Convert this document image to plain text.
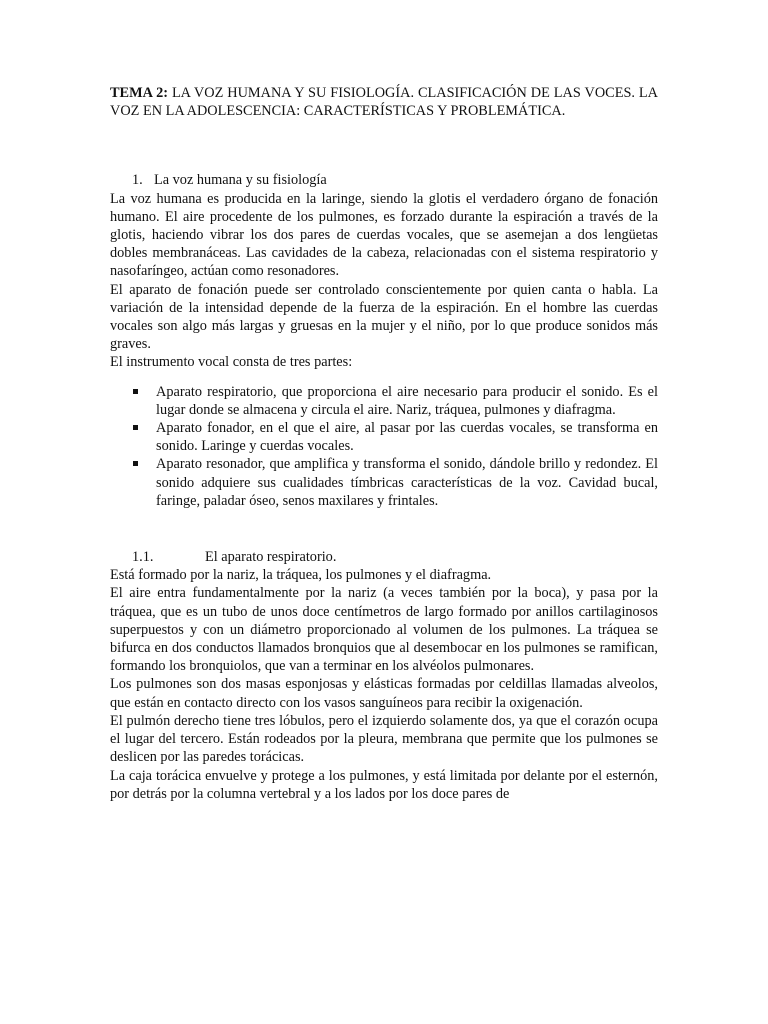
TEMA 2: LA VOZ HUMANA Y SU FISIOLOGÍA. CLASIFICACIÓN DE LAS VOCES. LA VOZ EN LA ADOLESCENCIA: CARACTERÍSTICAS Y PROBLEMÁTICA.

1. La voz humana y su fisiología

La voz humana es producida en la laringe, siendo la glotis el verdadero órgano de fonación humano. El aire procedente de los pulmones, es forzado durante la espiración a través de la glotis, haciendo vibrar los dos pares de cuerdas vocales, que se asemejan a dos lengüetas dobles membranáceas. Las cavidades de la cabeza, relacionadas con el sistema respiratorio y nasofaríngeo, actúan como resonadores.

El aparato de fonación puede ser controlado conscientemente por quien canta o habla. La variación de la intensidad depende de la fuerza de la espiración. En el hombre las cuerdas vocales son algo más largas y gruesas en la mujer y el niño, por lo que produce sonidos más graves.

El instrumento vocal consta de tres partes:

Aparato respiratorio, que proporciona el aire necesario para producir el sonido. Es el lugar donde se almacena y circula el aire. Nariz, tráquea, pulmones y diafragma.
Aparato fonador, en el que el aire, al pasar por las cuerdas vocales, se transforma en sonido. Laringe y cuerdas vocales.
Aparato resonador, que amplifica y transforma el sonido, dándole brillo y redondez. El sonido adquiere sus cualidades tímbricas características de la voz. Cavidad bucal, faringe, paladar óseo, senos maxilares y frintales.
1.1.	El aparato respiratorio.

Está formado por la nariz, la tráquea, los pulmones y el diafragma.

El aire entra fundamentalmente por la nariz (a veces también por la boca), y pasa por la tráquea, que es un tubo de unos doce centímetros de largo formado por anillos cartilaginosos superpuestos y con un diámetro proporcionado al volumen de los pulmones. La tráquea se bifurca en dos conductos llamados bronquios que al desembocar en los pulmones se ramifican, formando los bronquiolos, que van a terminar en los alvéolos pulmonares.

Los pulmones son dos masas esponjosas y elásticas formadas por celdillas llamadas alveolos, que están en contacto directo con los vasos sanguíneos para recibir la oxigenación.

El pulmón derecho tiene tres lóbulos, pero el izquierdo solamente dos, ya que el corazón ocupa el lugar del tercero. Están rodeados por la pleura, membrana que permite que los pulmones se deslicen por las paredes torácicas.

La caja torácica envuelve y protege a los pulmones, y está limitada por delante por el esternón, por detrás por la columna vertebral y a los lados por los doce pares de
